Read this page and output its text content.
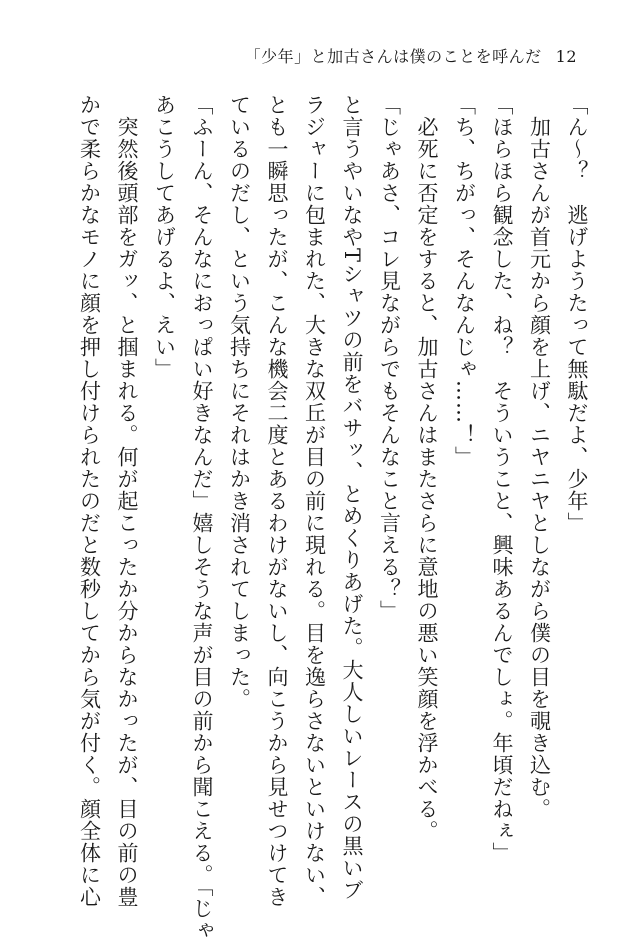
「少年」と加古さんは僕のことを呼んだ 12
「ん〜？　逃げようたって無駄だよ、少年」
　加古さんが首元から顔を上げ、ニヤニヤとしながら僕の目を覗き込む。
「ほらほら観念した、ね？　そういうこと、興味あるんでしょ。年頃だねぇ」
「ち、ちがっ、そんなんじゃ……！」
　必死に否定をすると、加古さんはまたさらに意地の悪い笑顔を浮かべる。
「じゃあさ、コレ見ながらでもそんなこと言える？」
と言うやいなやTシャツの前をバサッ、とめくりあげた。大人しいレースの黒いブ
ラジャーに包まれた、大きな双丘が目の前に現れる。目を逸らさないといけない、
とも一瞬思ったが、こんな機会二度とあるわけがないし、向こうから見せつけてき
ているのだし、という気持ちにそれはかき消されてしまった。
「ふーん、そんなにおっぱい好きなんだ」嬉しそうな声が目の前から聞こえる。「じゃ
あこうしてあげるよ、えい」
　突然後頭部をガッ、と掴まれる。何が起こったか分からなかったが、目の前の豊
かで柔らかなモノに顔を押し付けられたのだと数秒してから気が付く。顔全体に心
